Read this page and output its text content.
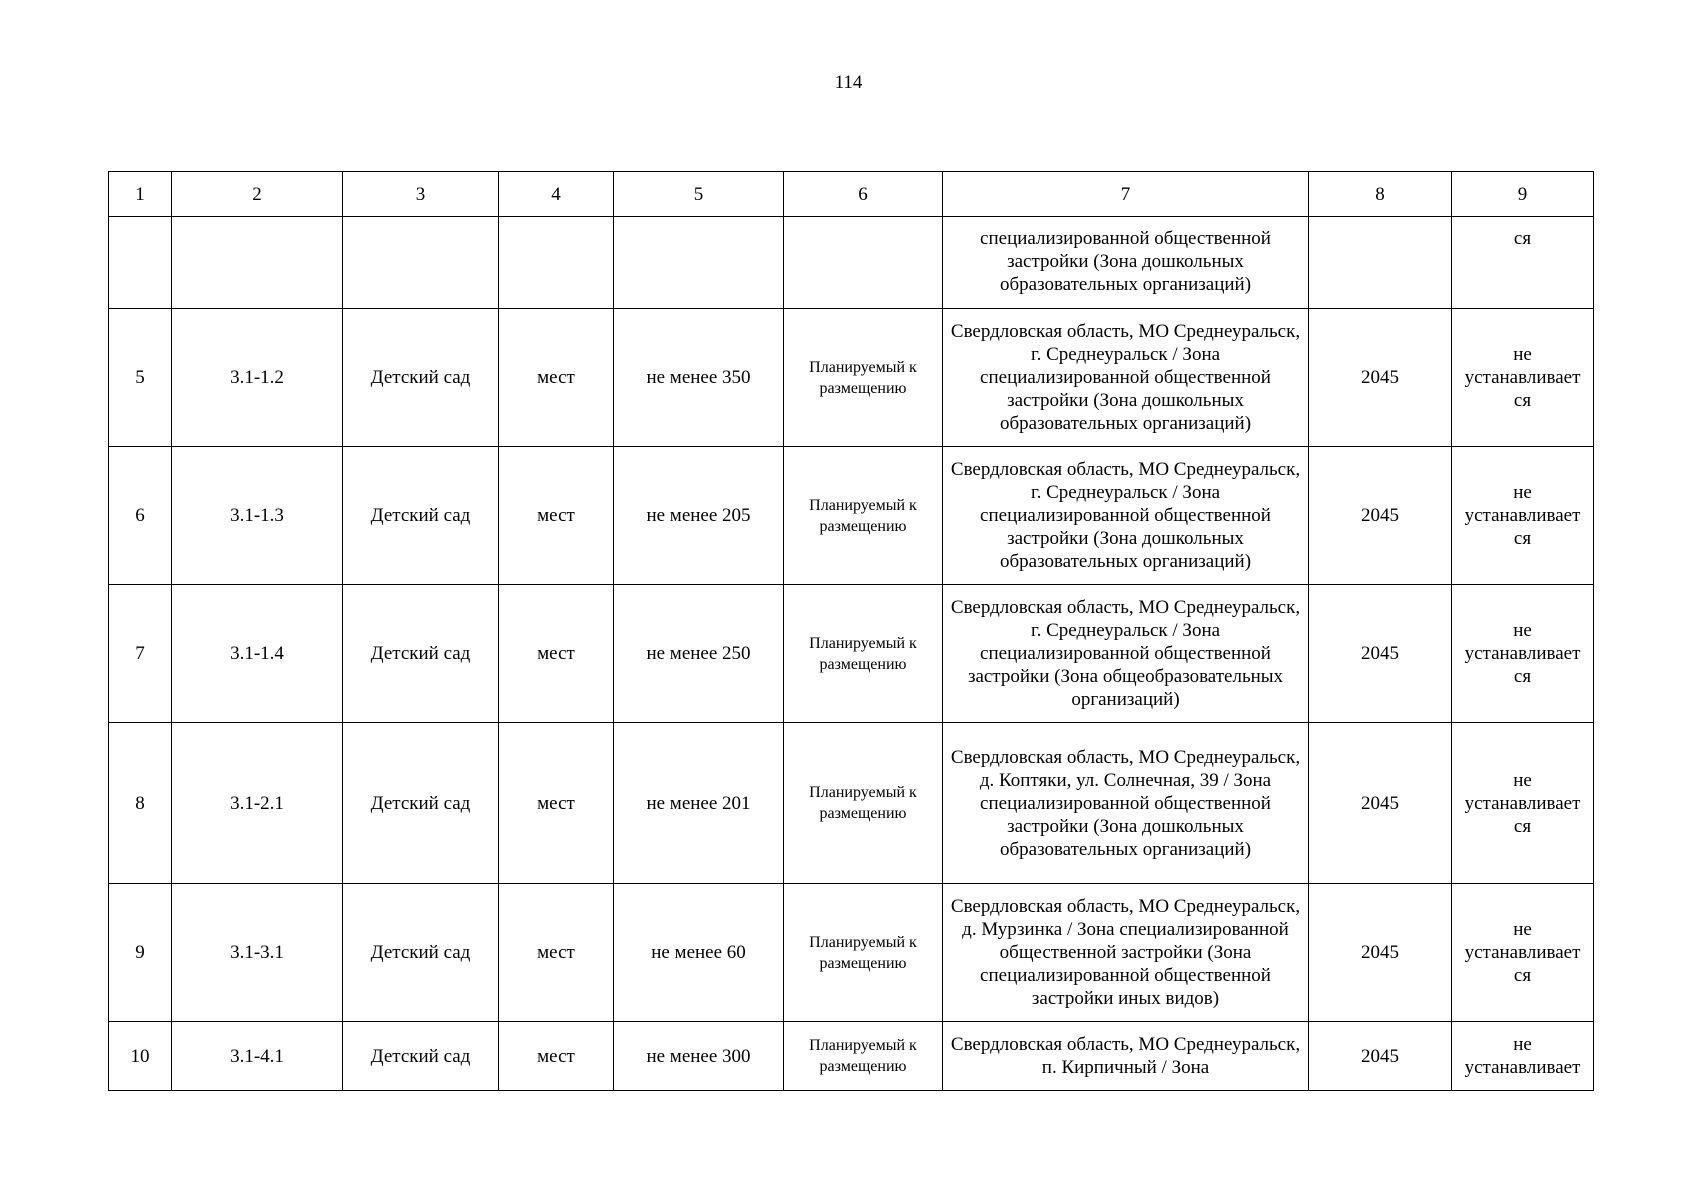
114
1	2	3	4	5	6	7	8	9
						специализированной общественной застройки (Зона дошкольных образовательных организаций)		ся
5	3.1-1.2	Детский сад	мест	не менее 350	Планируемый к размещению	Свердловская область, МО Среднеуральск, г. Среднеуральск / Зона специализированной общественной застройки (Зона дошкольных образовательных организаций)	2045	не устанавливает ся
6	3.1-1.3	Детский сад	мест	не менее 205	Планируемый к размещению	Свердловская область, МО Среднеуральск, г. Среднеуральск / Зона специализированной общественной застройки (Зона дошкольных образовательных организаций)	2045	не устанавливает ся
7	3.1-1.4	Детский сад	мест	не менее 250	Планируемый к размещению	Свердловская область, МО Среднеуральск, г. Среднеуральск / Зона специализированной общественной застройки (Зона общеобразовательных организаций)	2045	не устанавливает ся
8	3.1-2.1	Детский сад	мест	не менее 201	Планируемый к размещению	Свердловская область, МО Среднеуральск, д. Коптяки, ул. Солнечная, 39 / Зона специализированной общественной застройки (Зона дошкольных образовательных организаций)	2045	не устанавливает ся
9	3.1-3.1	Детский сад	мест	не менее 60	Планируемый к размещению	Свердловская область, МО Среднеуральск, д. Мурзинка / Зона специализированной общественной застройки (Зона специализированной общественной застройки иных видов)	2045	не устанавливает ся
10	3.1-4.1	Детский сад	мест	не менее 300	Планируемый к размещению	Свердловская область, МО Среднеуральск, п. Кирпичный / Зона	2045	не устанавливает
